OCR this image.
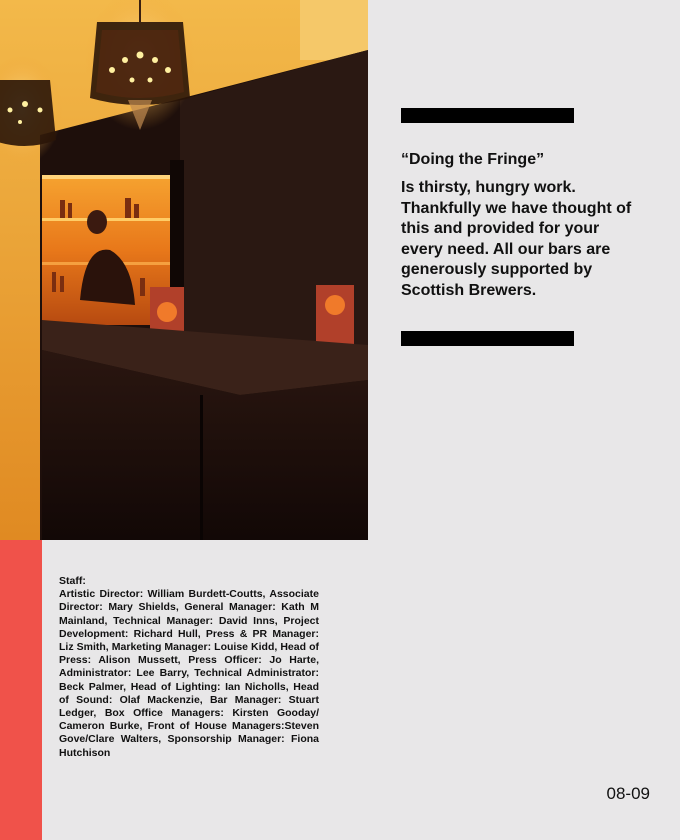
“Doing the Fringe”
Is thirsty, hungry work. Thankfully we have thought of this and provided for your every need. All our bars are generously supported by Scottish Brewers.
Staff:
Artistic Director: William Burdett-Coutts, Associate Director: Mary Shields, General Manager: Kath M Mainland, Technical Manager: David Inns, Project Development: Richard Hull, Press & PR Manager: Liz Smith, Marketing Manager: Louise Kidd, Head of Press: Alison Mussett, Press Officer: Jo Harte, Administrator: Lee Barry, Technical Administrator: Beck Palmer, Head of Lighting: Ian Nicholls, Head of Sound: Olaf Mackenzie, Bar Manager: Stuart Ledger, Box Office Managers: Kirsten Gooday/ Cameron Burke, Front of House Managers:Steven Gove/Clare Walters, Sponsorship Manager: Fiona Hutchison
08-09
